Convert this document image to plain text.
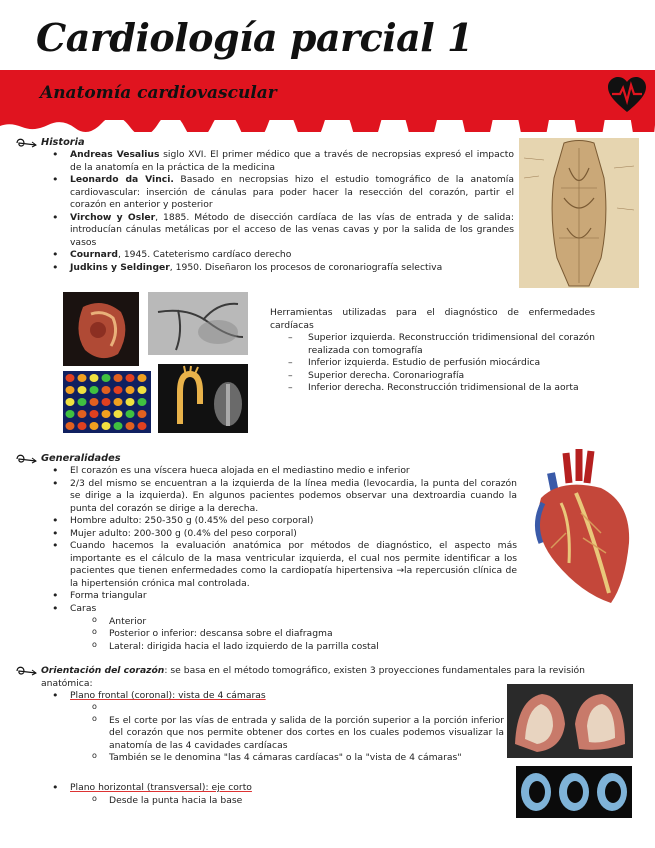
Cardiología parcial 1
Anatomía cardiovascular
Historia
• Andreas Vesalius siglo XVI. El primer médico que a través de necropsias expresó el impacto de la anatomía en la práctica de la medicina
• Leonardo da Vinci. Basado en necropsias hizo el estudio tomográfico de la anatomía cardiovascular: inserción de cánulas para poder hacer la resección del corazón, partir el corazón en anterior y posterior
• Virchow y Osler, 1885. Método de disección cardíaca de las vías de entrada y de salida: introducían cánulas metálicas por el acceso de las venas cavas y por la salida de los grandes vasos
• Cournard, 1945. Cateterismo cardíaco derecho
• Judkins y Seldinger, 1950. Diseñaron los procesos de coronariografía selectiva

Herramientas utilizadas para el diagnóstico de enfermedades cardíacas

– Superior izquierda. Reconstrucción tridimensional del corazón realizada con tomografía
– Inferior izquierda. Estudio de perfusión miocárdica
– Superior derecha. Coronariografía
– Inferior derecha. Reconstrucción tridimensional de la aorta
Generalidades
• El corazón es una víscera hueca alojada en el mediastino medio e inferior
• 2/3 del mismo se encuentran a la izquierda de la línea media (levocardia, la punta del corazón se dirige a la izquierda). En algunos pacientes podemos observar una dextroardia cuando la punta del corazón se dirige a la derecha.
• Hombre adulto: 250-350 g (0.45% del peso corporal)
• Mujer adulto: 200-300 g (0.4% del peso corporal)
• Cuando hacemos la evaluación anatómica por métodos de diagnóstico, el aspecto más importante es el cálculo de la masa ventricular izquierda, el cual nos permite identificar a los pacientes que tienen enfermedades como la cardiopatía hipertensiva →la repercusión clínica de la hipertensión crónica mal controlada.
• Forma triangular
• Caras
o Anterior
o Posterior o inferior: descansa sobre el diafragma
o Lateral: dirigida hacia el lado izquierdo de la parrilla costal

Orientación del corazón: se basa en el método tomográfico, existen 3 proyecciones fundamentales para la revisión anatómica:

• Plano frontal (coronal): vista de 4 cámaras
o
o Es el corte por las vías de entrada y salida de la porción superior a la porción inferior del corazón que nos permite obtener dos cortes en los cuales podemos visualizar la anatomía de las 4 cavidades cardíacas
o También se le denomina "las 4 cámaras cardíacas" o la "vista de 4 cámaras"
• Plano horizontal (transversal): eje corto
o Desde la punta hacia la base
